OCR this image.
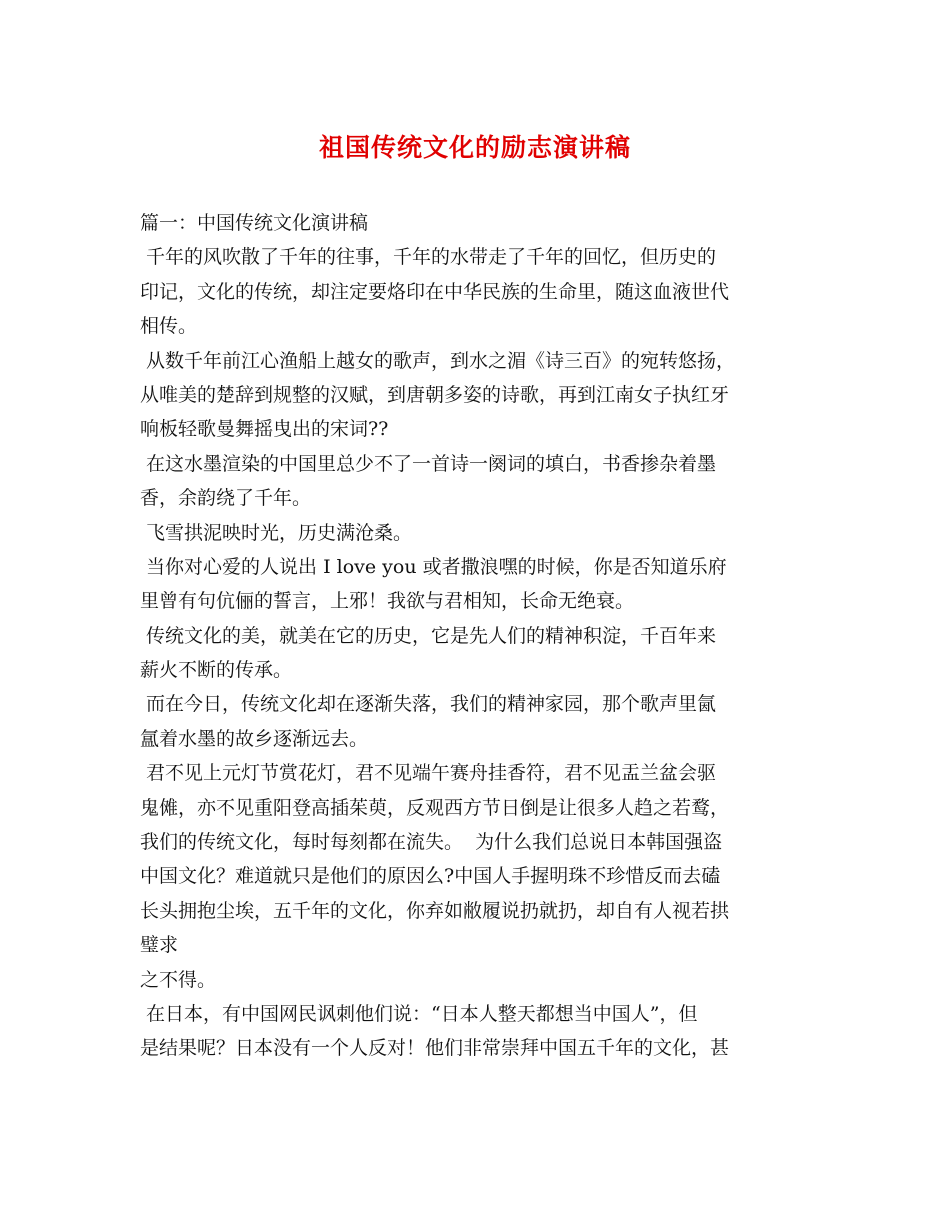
祖国传统文化的励志演讲稿
篇一：中国传统文化演讲稿
千年的风吹散了千年的往事，千年的水带走了千年的回忆，但历史的
印记，文化的传统，却注定要烙印在中华民族的生命里，随这血液世代
相传。
从数千年前江心渔船上越女的歌声，到水之湄《诗三百》的宛转悠扬，
从唯美的楚辞到规整的汉赋，到唐朝多姿的诗歌，再到江南女子执红牙
响板轻歌曼舞摇曳出的宋词??
在这水墨渲染的中国里总少不了一首诗一阕词的填白，书香掺杂着墨
香，余韵绕了千年。
飞雪拱泥映时光，历史满沧桑。
当你对心爱的人说出 I love you 或者撒浪嘿的时候，你是否知道乐府
里曾有句伉俪的誓言，上邪！我欲与君相知，长命无绝衰。
传统文化的美，就美在它的历史，它是先人们的精神积淀，千百年来
薪火不断的传承。
而在今日，传统文化却在逐渐失落，我们的精神家园，那个歌声里氤
氲着水墨的故乡逐渐远去。
君不见上元灯节赏花灯，君不见端午赛舟挂香符，君不见盂兰盆会驱
鬼傩，亦不见重阳登高插茱萸，反观西方节日倒是让很多人趋之若鹜，
我们的传统文化，每时每刻都在流失。  为什么我们总说日本韩国强盗
中国文化？难道就只是他们的原因么?中国人手握明珠不珍惜反而去磕
长头拥抱尘埃，五千年的文化，你弃如敝履说扔就扔，却自有人视若拱
璧求
之不得。
在日本，有中国网民讽刺他们说：“日本人整天都想当中国人”，但
是结果呢？日本没有一个人反对！他们非常崇拜中国五千年的文化，甚
